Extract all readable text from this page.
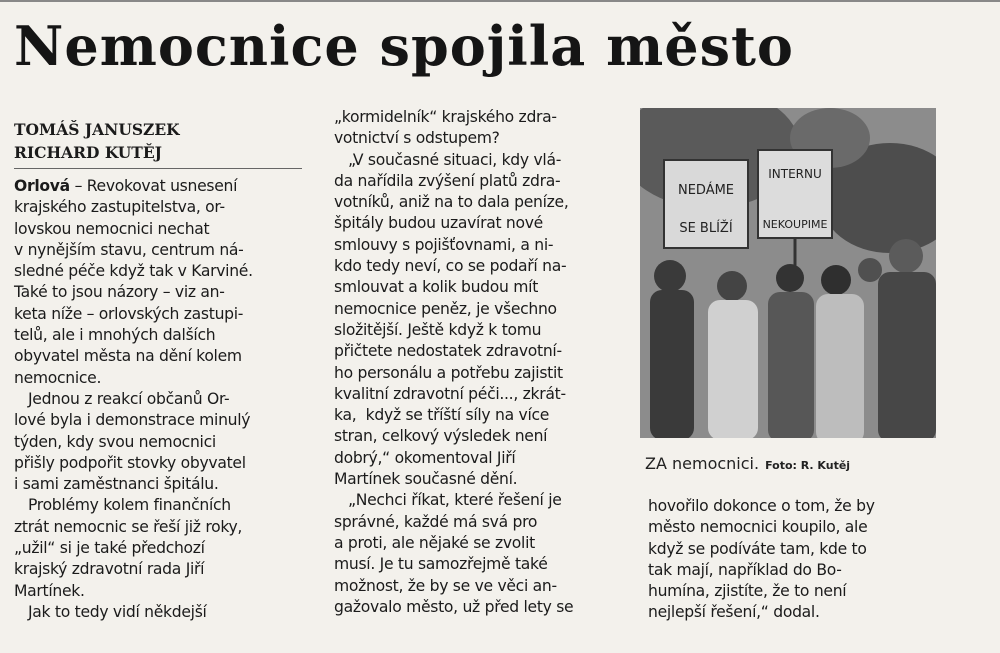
Nemocnice spojila město
TOMÁŠ JANUSZEK
RICHARD KUTĚJ
Orlová – Revokovat usnesení
krajského zastupitelstva, or-
lovskou nemocnici nechat
v nynějším stavu, centrum ná-
sledné péče když tak v Karviné.
Také to jsou názory – viz an-
keta níže – orlovských zastupi-
telů, ale i mnohých dalších
obyvatel města na dění kolem
nemocnice.
Jednou z reakcí občanů Or-
lové byla i demonstrace minulý
týden, kdy svou nemocnici
přišly podpořit stovky obyvatel
i sami zaměstnanci špitálu.
Problémy kolem finančních
ztrát nemocnic se řeší již roky,
„užil“ si je také předchozí
krajský zdravotní rada Jiří
Martínek.
Jak to tedy vidí někdejší
„kormidelník“ krajského zdra-
votnictví s odstupem?
„V současné situaci, kdy vlá-
da nařídila zvýšení platů zdra-
votníků, aniž na to dala peníze,
špitály budou uzavírat nové
smlouvy s pojišťovnami, a ni-
kdo tedy neví, co se podaří na-
smlouvat a kolik budou mít
nemocnice peněz, je všechno
složitější. Ještě když k tomu
přičtete nedostatek zdravotní-
ho personálu a potřebu zajistit
kvalitní zdravotní péči..., zkrát-
ka,  když se tříští síly na více
stran, celkový výsledek není
dobrý,“ okomentoval Jiří
Martínek současné dění.
„Nechci říkat, které řešení je
správné, každé má svá pro
a proti, ale nějaké se zvolit
musí. Je tu samozřejmě také
možnost, že by se ve věci an-
gažovalo město, už před lety se
NEDÁME
SE BLÍŽÍ
INTERNU
NEKOUPIME
ZA nemocnici. Foto: R. Kutěj
hovořilo dokonce o tom, že by
město nemocnici koupilo, ale
když se podíváte tam, kde to
tak mají, například do Bo-
humína, zjistíte, že to není
nejlepší řešení,“ dodal.
